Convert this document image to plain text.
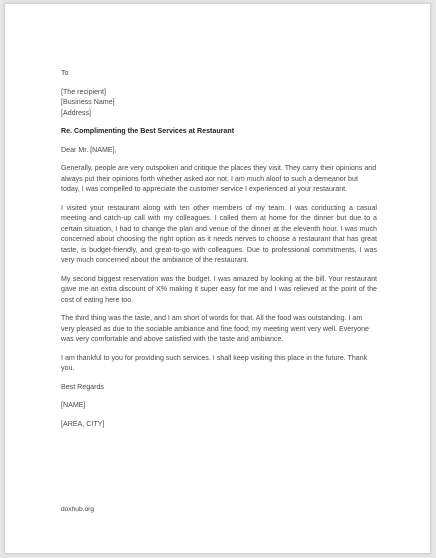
To
[The recipient]
[Business Name]
[Address]
Re. Complimenting the Best Services at Restaurant
Dear Mr. [NAME],
Generally, people are very outspoken and critique the places they visit. They carry their opinions and always put their opinions forth whether asked aor not. I am much aloof to such a demeanor but today, I was compelled to appreciate the customer service I experienced at your restaurant.
I visited your restaurant along with ten other members of my team. I was conducting a casual meeting and catch-up call with my colleagues. I called them at home for the dinner but due to a certain situation, I had to change the plan and venue of the dinner at the eleventh hour. I was much concerned about choosing the right option as it needs nerves to choose a restaurant that has great taste, is budget-friendly, and great-to-go with colleagues. Due to professional commitments, I was very much concerned about the ambiance of the restaurant.
My second biggest reservation was the budget. I was amazed by looking at the bill. Your restaurant gave me an extra discount of X% making it super easy for me and I was relieved at the point of the cost of eating here too.
The third thing was the taste, and I am short of words for that. All the food was outstanding. I am very pleased as due to the sociable ambiance and fine food; my meeting went very well. Everyone was very comfortable and above satisfied with the taste and ambiance.
I am thankful to you for providing such services. I shall keep visiting this place in the future. Thank you.
Best Regards
[NAME]
[AREA, CITY]
doxhub.org
